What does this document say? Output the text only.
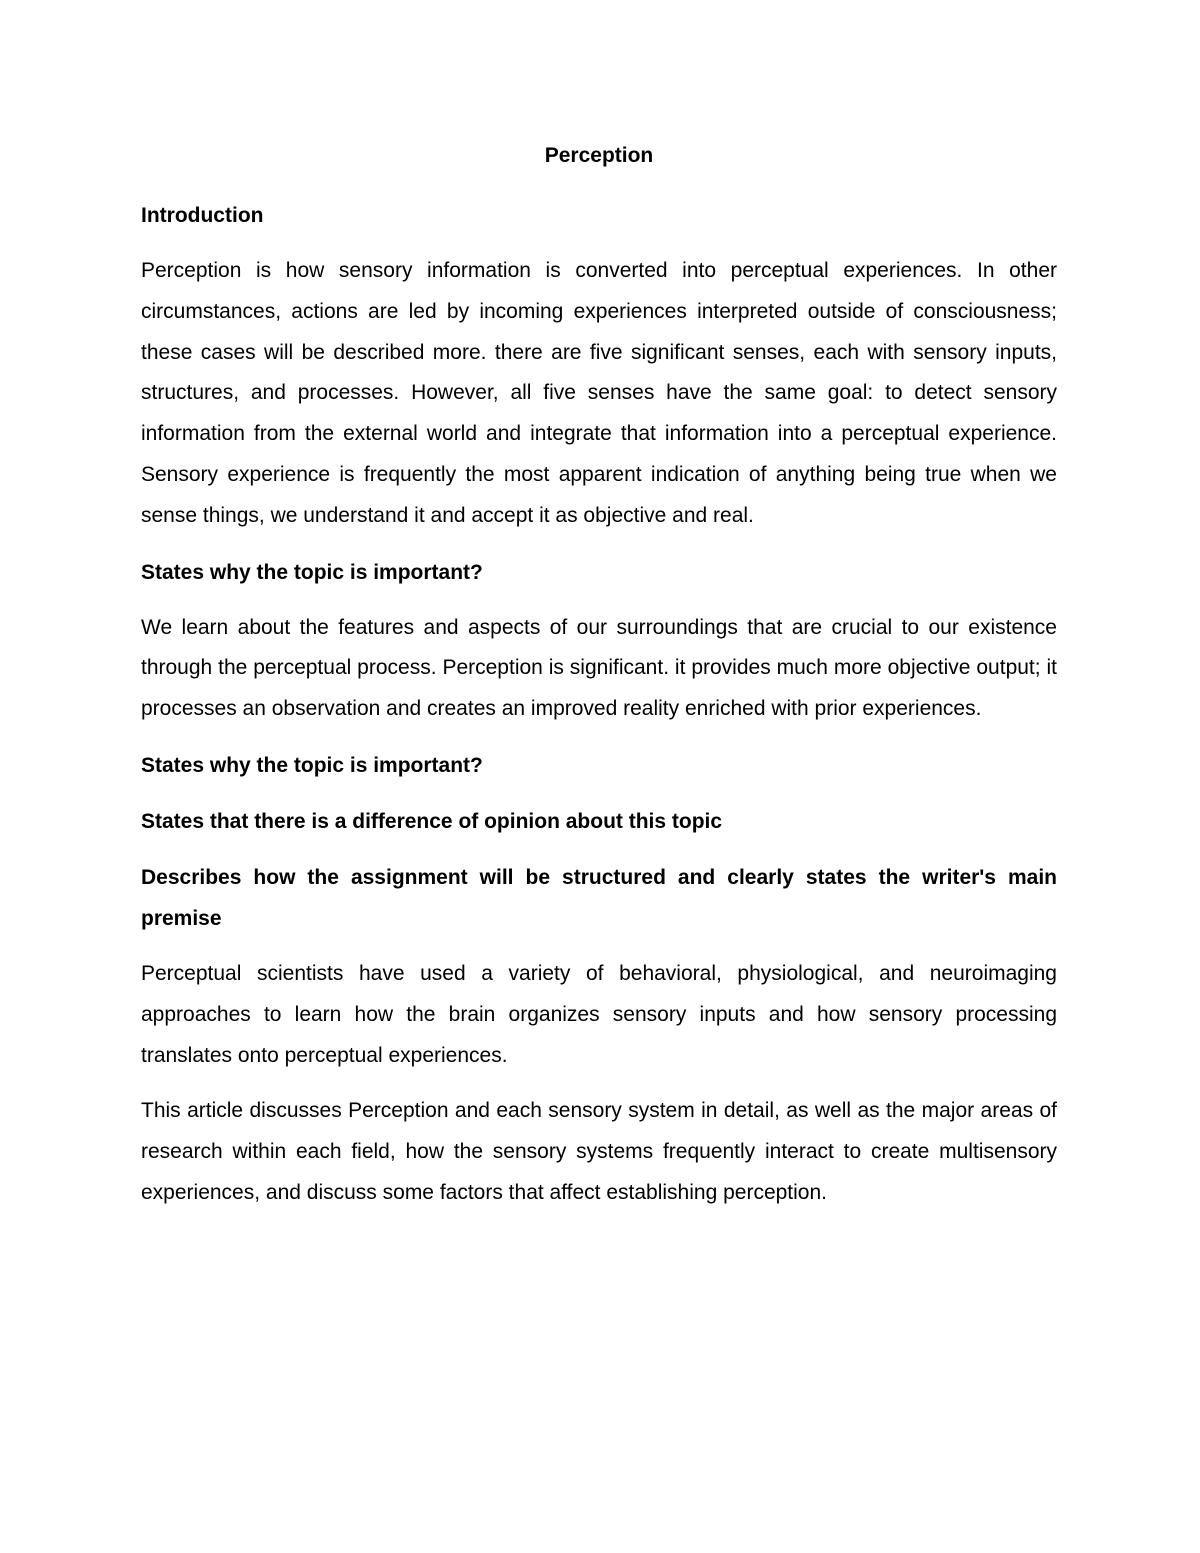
Perception
Introduction
Perception is how sensory information is converted into perceptual experiences. In other circumstances, actions are led by incoming experiences interpreted outside of consciousness; these cases will be described more. there are five significant senses, each with sensory inputs, structures, and processes. However, all five senses have the same goal: to detect sensory information from the external world and integrate that information into a perceptual experience. Sensory experience is frequently the most apparent indication of anything being true when we sense things, we understand it and accept it as objective and real.
States why the topic is important?
We learn about the features and aspects of our surroundings that are crucial to our existence through the perceptual process. Perception is significant. it provides much more objective output; it processes an observation and creates an improved reality enriched with prior experiences.
States why the topic is important?
States that there is a difference of opinion about this topic
Describes how the assignment will be structured and clearly states the writer's main premise
Perceptual scientists have used a variety of behavioral, physiological, and neuroimaging approaches to learn how the brain organizes sensory inputs and how sensory processing translates onto perceptual experiences.
This article discusses Perception and each sensory system in detail, as well as the major areas of research within each field, how the sensory systems frequently interact to create multisensory experiences, and discuss some factors that affect establishing perception.
